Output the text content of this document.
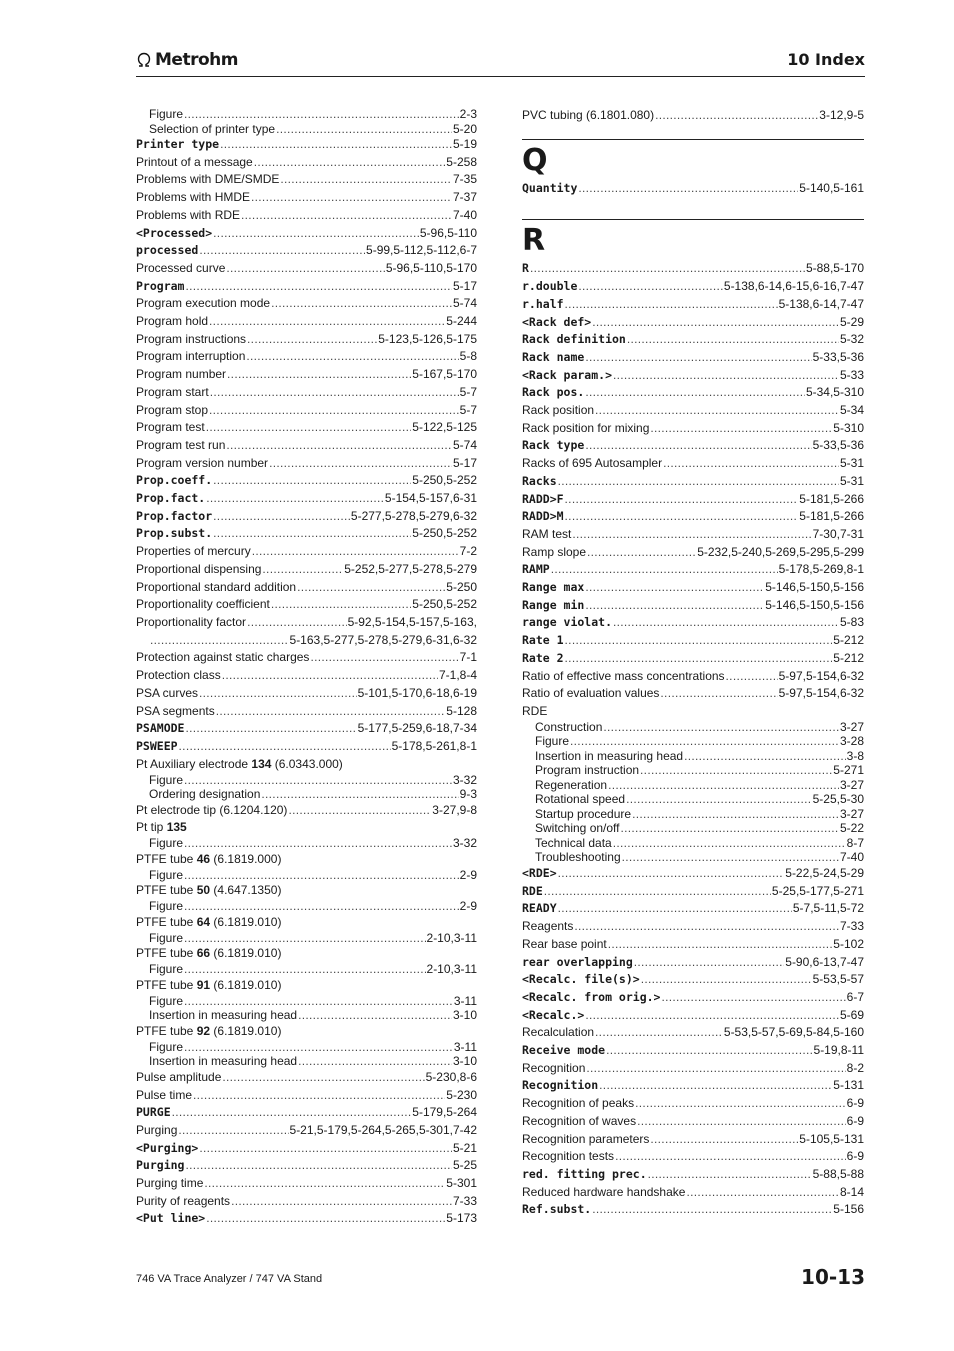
Metrohm	10 Index
Figure .....	2-3
Selection of printer type .....	5-20
Printer type .....	5-19
Printout of a message .....	5-258
Problems with DME/SMDE .....	7-35
Problems with HMDE .....	7-37
Problems with RDE .....	7-40
<Processed> .....	5-96,5-110
processed .....	5-99,5-112,5-112,6-7
Processed curve .....	5-96,5-110,5-170
Program .....	5-17
Program execution mode .....	5-74
Program hold .....	5-244
Program instructions .....	5-123,5-126,5-175
Program interruption .....	5-8
Program number .....	5-167,5-170
Program start .....	5-7
Program stop .....	5-7
Program test .....	5-122,5-125
Program test run .....	5-74
Program version number .....	5-17
Prop.coeff. .....	5-250,5-252
Prop.fact. .....	5-154,5-157,6-31
Prop.factor .....	5-277,5-278,5-279,6-32
Prop.subst. .....	5-250,5-252
Properties of mercury .....	7-2
Proportional dispensing .....	5-252,5-277,5-278,5-279
Proportional standard addition .....	5-250
Proportionality coefficient .....	5-250,5-252
Proportionality factor .....	5-92,5-154,5-157,5-163,
.....
5-163,5-277,5-278,5-279,6-31,6-32
Protection against static charges .....	7-1
Protection class .....	7-1,8-4
PSA curves .....	5-101,5-170,6-18,6-19
PSA segments .....	5-128
PSAMODE .....	5-177,5-259,6-18,7-34
PSWEEP .....	5-178,5-261,8-1
Pt Auxiliary electrode 134 (6.0343.000)
Figure .....	3-32
Ordering designation .....	9-3
Pt electrode tip (6.1204.120) .....	3-27,9-8
Pt tip 135
Figure .....	3-32
PTFE tube 46 (6.1819.000)
Figure .....	2-9
PTFE tube 50 (4.647.1350)
Figure .....	2-9
PTFE tube 64 (6.1819.010)
Figure .....	2-10,3-11
PTFE tube 66 (6.1819.010)
Figure .....	2-10,3-11
PTFE tube 91 (6.1819.010)
Figure .....	3-11
Insertion in measuring head .....	3-10
PTFE tube 92 (6.1819.010)
Figure .....	3-11
Insertion in measuring head .....	3-10
Pulse amplitude .....	5-230,8-6
Pulse time .....	5-230
PURGE .....	5-179,5-264
Purging .....	5-21,5-179,5-264,5-265,5-301,7-42
<Purging> .....	5-21
Purging .....	5-25
Purging time .....	5-301
Purity of reagents .....	7-33
<Put line> .....	5-173
PVC tubing (6.1801.080) .....	3-12,9-5
Q
Quantity .....	5-140,5-161
R
R .....	5-88,5-170
r.double .....	5-138,6-14,6-15,6-16,7-47
r.half .....	5-138,6-14,7-47
<Rack def> .....	5-29
Rack definition .....	5-32
Rack name .....	5-33,5-36
<Rack param.> .....	5-33
Rack pos. .....	5-34,5-310
Rack position .....	5-34
Rack position for mixing .....	5-310
Rack type .....	5-33,5-36
Racks of 695 Autosampler .....	5-31
Racks .....	5-31
RADD>F .....	5-181,5-266
RADD>M .....	5-181,5-266
RAM test .....	7-30,7-31
Ramp slope .....	5-232,5-240,5-269,5-295,5-299
RAMP .....	5-178,5-269,8-1
Range max .....	5-146,5-150,5-156
Range min .....	5-146,5-150,5-156
range violat. .....	5-83
Rate 1 .....	5-212
Rate 2 .....	5-212
Ratio of effective mass concentrations .....	5-97,5-154,6-32
Ratio of evaluation values .....	5-97,5-154,6-32
RDE
Construction .....	3-27
Figure .....	3-28
Insertion in measuring head .....	3-8
Program instruction .....	5-271
Regeneration .....	3-27
Rotational speed .....	5-25,5-30
Startup procedure .....	3-27
Switching on/off .....	5-22
Technical data .....	8-7
Troubleshooting .....	7-40
<RDE> .....	5-22,5-24,5-29
RDE .....	5-25,5-177,5-271
READY .....	5-7,5-11,5-72
Reagents .....	7-33
Rear base point .....	5-102
rear overlapping .....	5-90,6-13,7-47
<Recalc. file(s)> .....	5-53,5-57
<Recalc. from orig.> .....	6-7
<Recalc.> .....	5-69
Recalculation .....	5-53,5-57,5-69,5-84,5-160
Receive mode .....	5-19,8-11
Recognition .....	8-2
Recognition .....	5-131
Recognition of peaks .....	6-9
Recognition of waves .....	6-9
Recognition parameters .....	5-105,5-131
Recognition tests .....	6-9
red. fitting prec. .....	5-88,5-88
Reduced hardware handshake .....	8-14
Ref.subst. .....	5-156
746 VA Trace Analyzer / 747 VA Stand	10-13
